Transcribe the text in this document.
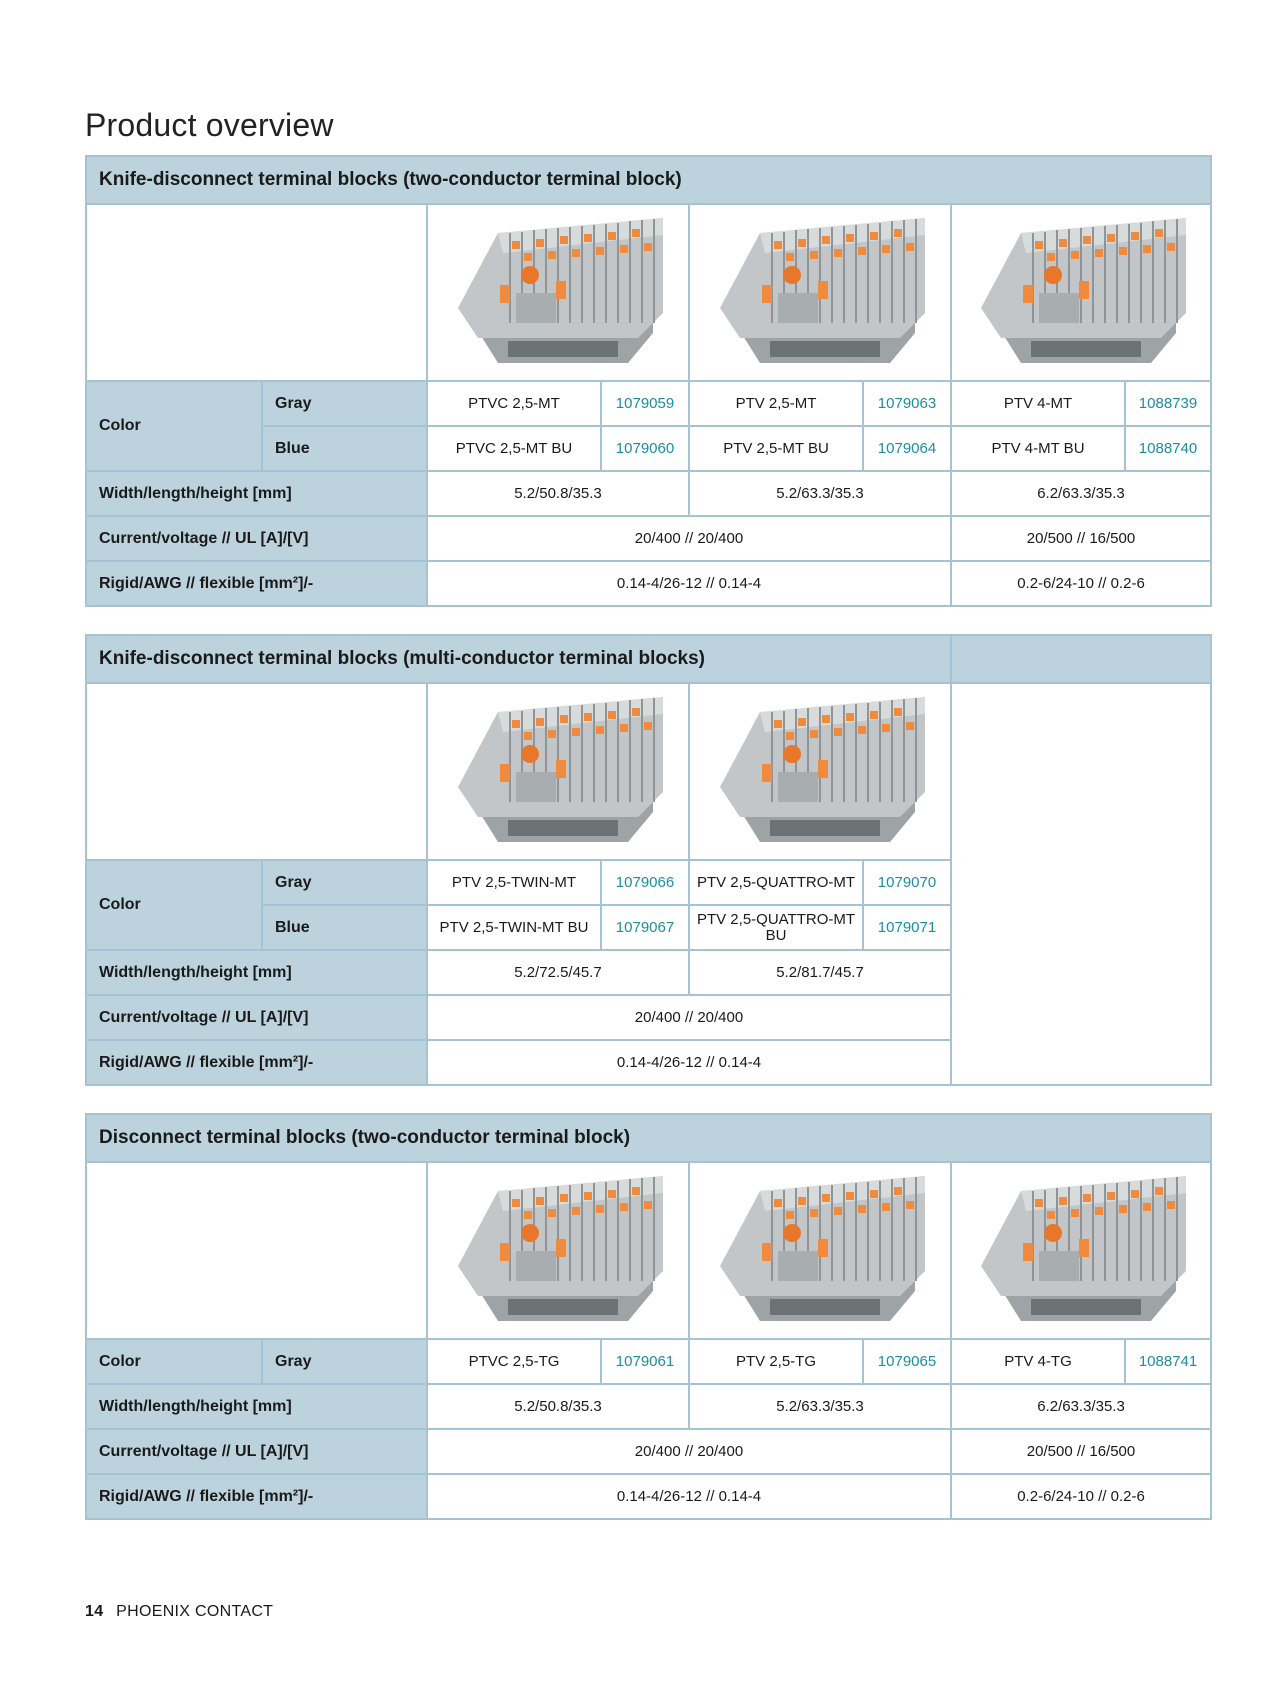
Product overview
Knife-disconnect terminal blocks (two-conductor terminal block)							

Color	Gray	PTVC 2,5-MT	1079059	PTV 2,5-MT	1079063	PTV 4-MT	1088739
	Blue	PTVC 2,5-MT BU	1079060	PTV 2,5-MT BU	1079064	PTV 4-MT BU	1088740
Width/length/height [mm]		5.2/50.8/35.3		5.2/63.3/35.3		6.2/63.3/35.3	
Current/voltage // UL [A]/[V]		20/400 // 20/400				20/500 // 16/500	
Rigid/AWG // flexible [mm²]/-		0.14-4/26-12 // 0.14-4				0.2-6/24-10 // 0.2-6	
Knife-disconnect terminal blocks (multi-conductor terminal blocks)						

Color	Gray	PTV 2,5-TWIN-MT	1079066	PTV 2,5-QUATTRO-MT	1079070	
	Blue	PTV 2,5-TWIN-MT BU	1079067	PTV 2,5-QUATTRO-MT BU	1079071	
Width/length/height [mm]		5.2/72.5/45.7		5.2/81.7/45.7		
Current/voltage // UL [A]/[V]		20/400 // 20/400				
Rigid/AWG // flexible [mm²]/-		0.14-4/26-12 // 0.14-4				
Disconnect terminal blocks (two-conductor terminal block)							

Color	Gray	PTVC 2,5-TG	1079061	PTV 2,5-TG	1079065	PTV 4-TG	1088741
Width/length/height [mm]		5.2/50.8/35.3		5.2/63.3/35.3		6.2/63.3/35.3	
Current/voltage // UL [A]/[V]		20/400 // 20/400				20/500 // 16/500	
Rigid/AWG // flexible [mm²]/-		0.14-4/26-12 // 0.14-4				0.2-6/24-10 // 0.2-6	
14 PHOENIX CONTACT
